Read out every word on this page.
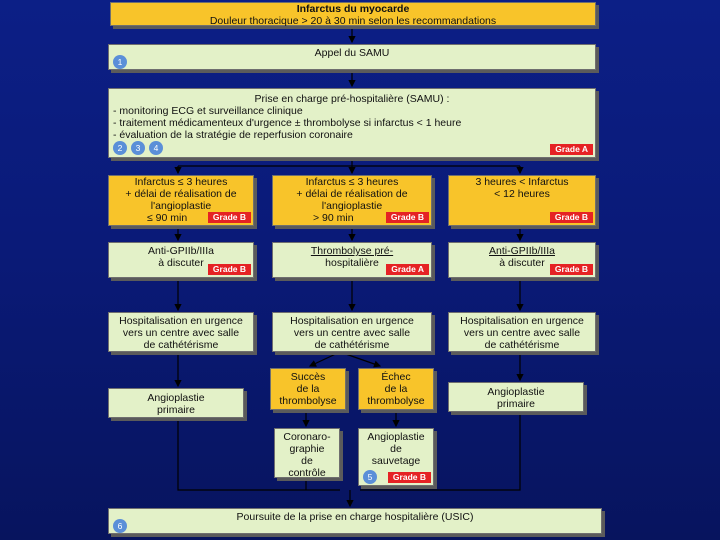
Infarctus du myocarde
Douleur thoracique > 20 à 30 min selon les recommandations
Appel du SAMU
1
Prise en charge pré-hospitalière (SAMU) :
- monitoring ECG et surveillance clinique
- traitement médicamenteux d'urgence ± thrombolyse si infarctus < 1 heure
- évaluation de la stratégie de reperfusion coronaire
2	3	4	Grade A
Infarctus ≤ 3 heures
+ délai de réalisation de
l'angioplastie
≤ 90 min	Grade B
Infarctus ≤ 3 heures
+ délai de réalisation de
l'angioplastie
> 90 min	Grade B
3 heures < Infarctus
< 12 heures
Grade B
Anti-GPIIb/IIIa
à discuter	Grade B
Thrombolyse pré-
hospitalière	Grade A
Anti-GPIIb/IIIa
à discuter	Grade B
Hospitalisation en urgence
vers un centre avec salle
de cathétérisme
Hospitalisation en urgence
vers un centre avec salle
de cathétérisme
Hospitalisation en urgence
vers un centre avec salle
de cathétérisme
Succès
de la
thrombolyse
Échec
de la
thrombolyse
Angioplastie
primaire
Angioplastie
primaire
Coronaro-
graphie
de
contrôle
Angioplastie
de
sauvetage
5	Grade B
Poursuite de la prise en charge hospitalière (USIC)
6
